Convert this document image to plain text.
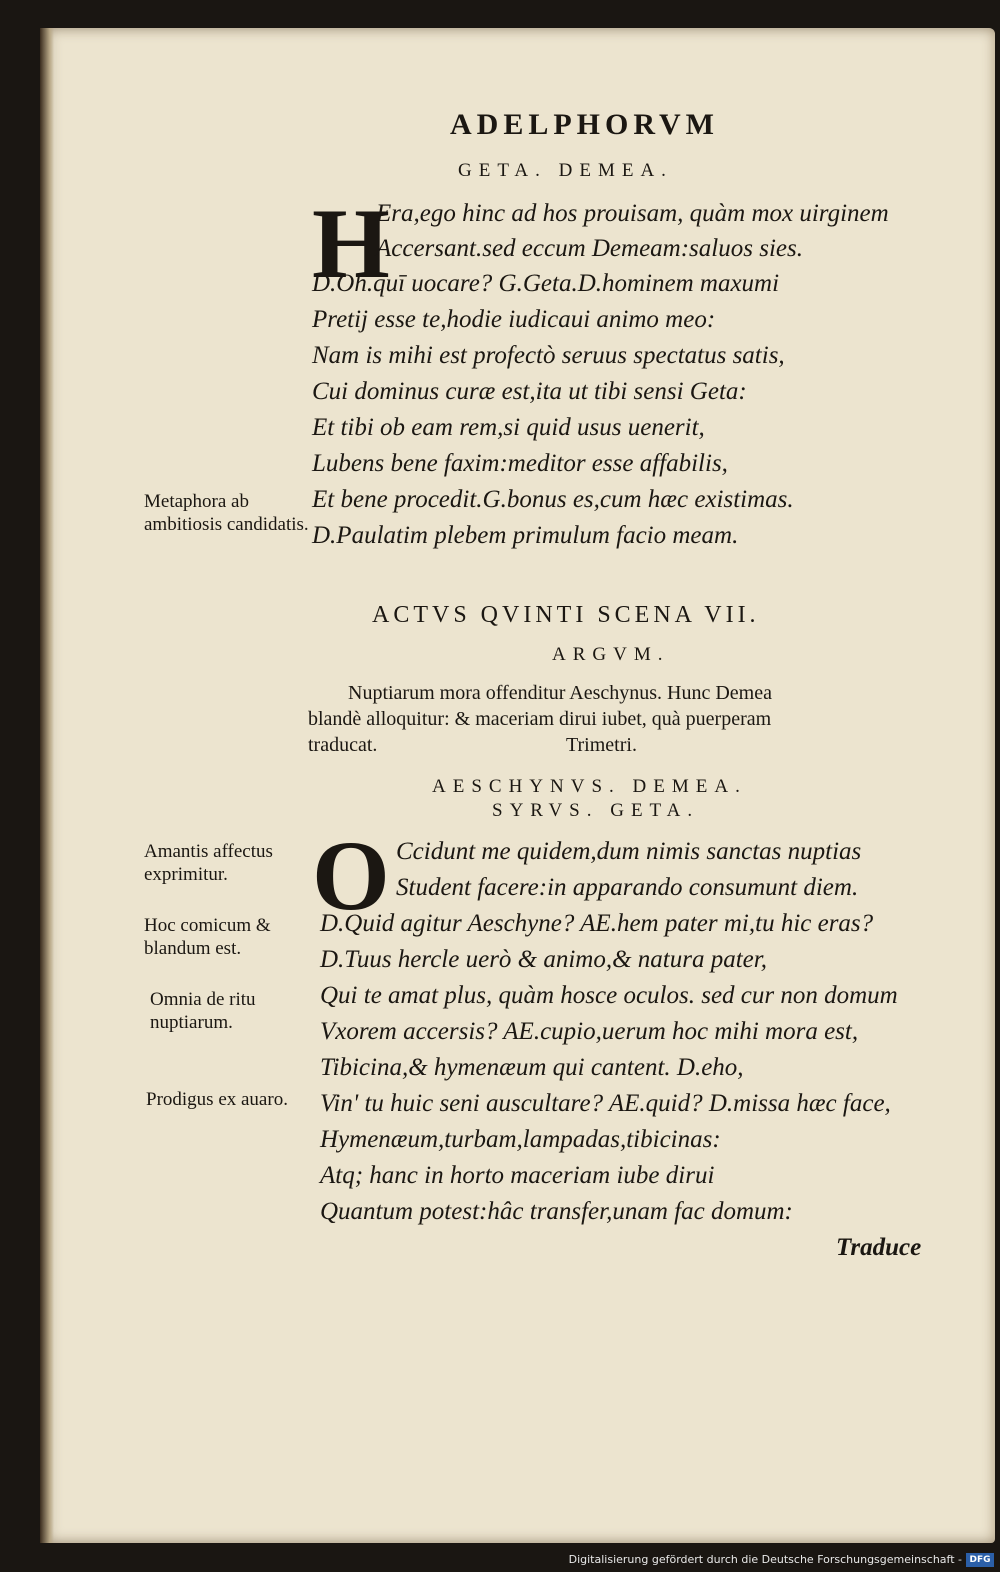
ADELPHORVM
GETA. DEMEA.
H
Era,ego hinc ad hos prouisam, quàm mox uirginem
Accersant.sed eccum Demeam:saluos sies.
D.Oh.quī uocare? G.Geta.D.hominem maxumi
Pretij esse te,hodie iudicaui animo meo:
Nam is mihi est profectò seruus spectatus satis,
Cui dominus curæ est,ita ut tibi sensi Geta:
Et tibi ob eam rem,si quid usus uenerit,
Lubens bene faxim:meditor esse affabilis,
Et bene procedit.G.bonus es,cum hæc existimas.
D.Paulatim plebem primulum facio meam.
Metaphora ab ambitiosis candidatis.
ACTVS QVINTI SCENA VII.
ARGVM.
Nuptiarum mora offenditur Aeschynus. Hunc Demea
blandè alloquitur: & maceriam dirui iubet, quà puerperam
traducat.	Trimetri.
AESCHYNVS. DEMEA.
SYRVS. GETA.
O Ccidunt me quidem,dum nimis sanctas nuptias
Student facere:in apparando consumunt diem.
D.Quid agitur Aeschyne? AE.hem pater mi,tu hic eras?
D.Tuus hercle uerò & animo,& natura pater,
Qui te amat plus, quàm hosce oculos. sed cur non domum
Vxorem accersis? AE.cupio,uerum hoc mihi mora est,
Tibicina,& hymenæum qui cantent. D.eho,
Vin' tu huic seni auscultare? AE.quid? D.missa hæc face,
Hymenæum,turbam,lampadas,tibicinas:
Atq; hanc in horto maceriam iube dirui
Quantum potest:hâc transfer,unam fac domum:
Traduce
Amantis affectus exprimitur.
Hoc comicum & blandum est.
Omnia de ritu nuptiarum.
Prodigus ex auaro.
Digitalisierung gefördert durch die Deutsche Forschungsgemeinschaft - DFG
